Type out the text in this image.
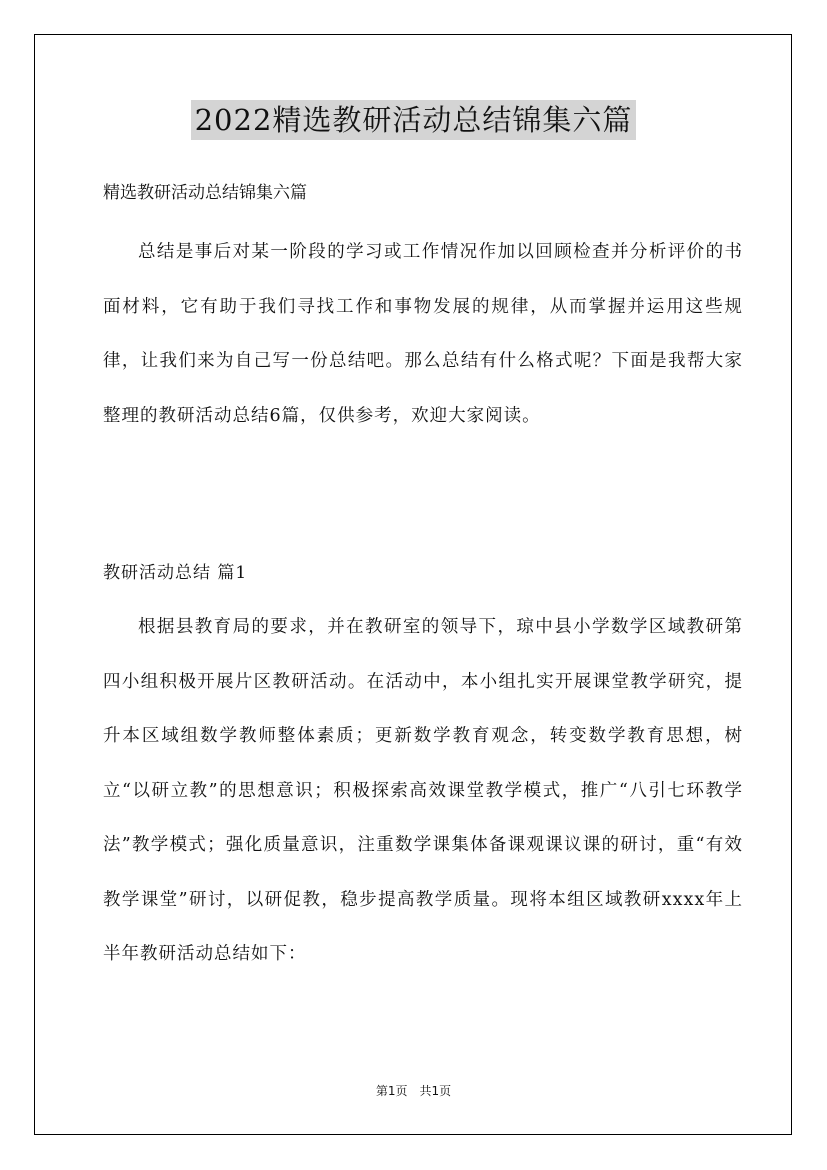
2022精选教研活动总结锦集六篇
精选教研活动总结锦集六篇

总结是事后对某一阶段的学习或工作情况作加以回顾检查并分析评价的书面材料，它有助于我们寻找工作和事物发展的规律，从而掌握并运用这些规律，让我们来为自己写一份总结吧。那么总结有什么格式呢？下面是我帮大家整理的教研活动总结6篇，仅供参考，欢迎大家阅读。

教研活动总结 篇1

根据县教育局的要求，并在教研室的领导下，琼中县小学数学区域教研第四小组积极开展片区教研活动。在活动中，本小组扎实开展课堂教学研究，提升本区域组数学教师整体素质；更新数学教育观念，转变数学教育思想，树立“以研立教”的思想意识；积极探索高效课堂教学模式，推广“八引七环教学法”教学模式；强化质量意识，注重数学课集体备课观课议课的研讨，重“有效教学课堂”研讨，以研促教，稳步提高教学质量。现将本组区域教研xxxx年上半年教研活动总结如下：

第1页　共1页
